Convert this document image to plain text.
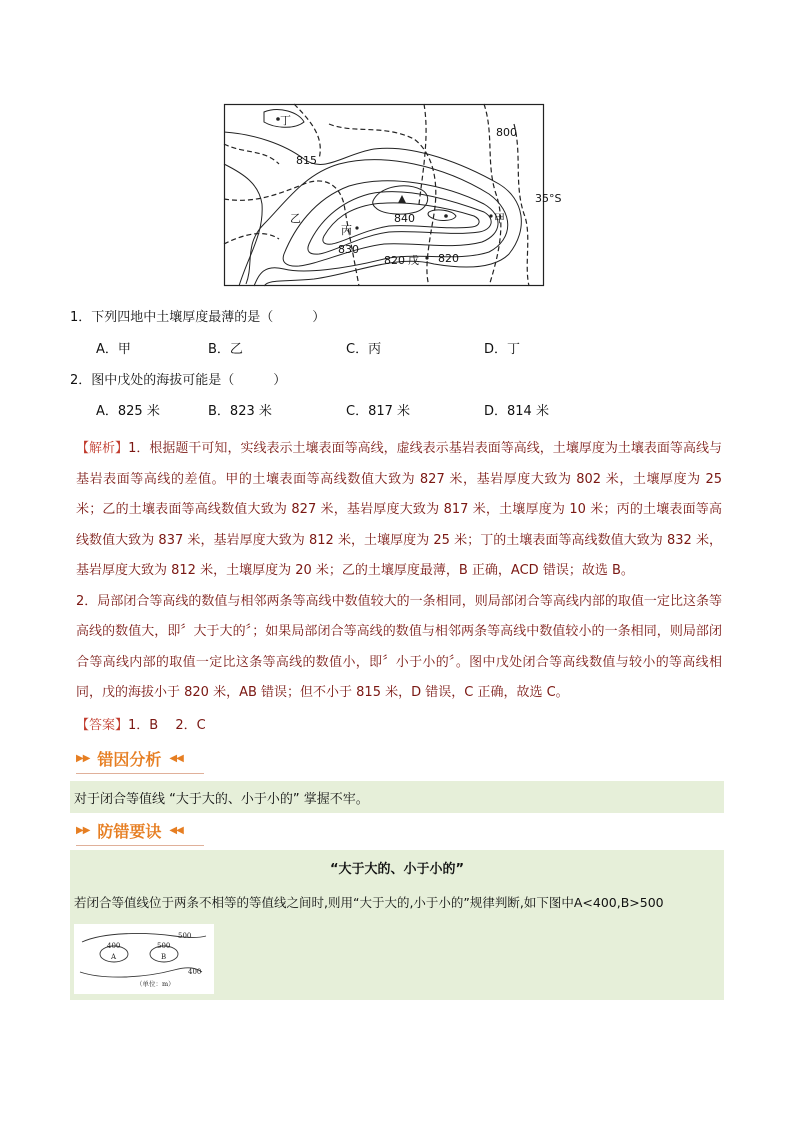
丁
800
815
35°S
乙	840	甲
丙
830
820 戊 820
1．下列四地中土壤厚度最薄的是（　　　）
A．甲	B．乙	C．丙	D．丁
2．图中戊处的海拔可能是（　　　）
A．825 米	B．823 米	C．817 米	D．814 米
【解析】1．根据题干可知，实线表示土壤表面等高线，虚线表示基岩表面等高线，土壤厚度为土壤表面等高线与基岩表面等高线的差值。甲的土壤表面等高线数值大致为 827 米，基岩厚度大致为 802 米，土壤厚度为 25 米；乙的土壤表面等高线数值大致为 827 米，基岩厚度大致为 817 米，土壤厚度为 10 米；丙的土壤表面等高线数值大致为 837 米，基岩厚度大致为 812 米，土壤厚度为 25 米；丁的土壤表面等高线数值大致为 832 米，基岩厚度大致为 812 米，土壤厚度为 20 米；乙的土壤厚度最薄，B 正确，ACD 错误；故选 B。
2．局部闭合等高线的数值与相邻两条等高线中数值较大的一条相同，则局部闭合等高线内部的取值一定比这条等高线的数值大，即〞大于大的〞；如果局部闭合等高线的数值与相邻两条等高线中数值较小的一条相同，则局部闭合等高线内部的取值一定比这条等高线的数值小，即〞小于小的〞。图中戊处闭合等高线数值与较小的等高线相同，戊的海拔小于 820 米，AB 错误；但不小于 815 米，D 错误，C 正确，故选 C。
【答案】1．B　 2．C
▶▶ 错因分析 ◀◀
对于闭合等值线 “大于大的、小于小的” 掌握不牢。
▶▶ 防错要诀 ◀◀
“大于大的、小于小的”
若闭合等值线位于两条不相等的等值线之间时,则用“大于大的,小于小的”规律判断,如下图中A<400,B>500
500
400
A
500
B
400
（单位：m）
